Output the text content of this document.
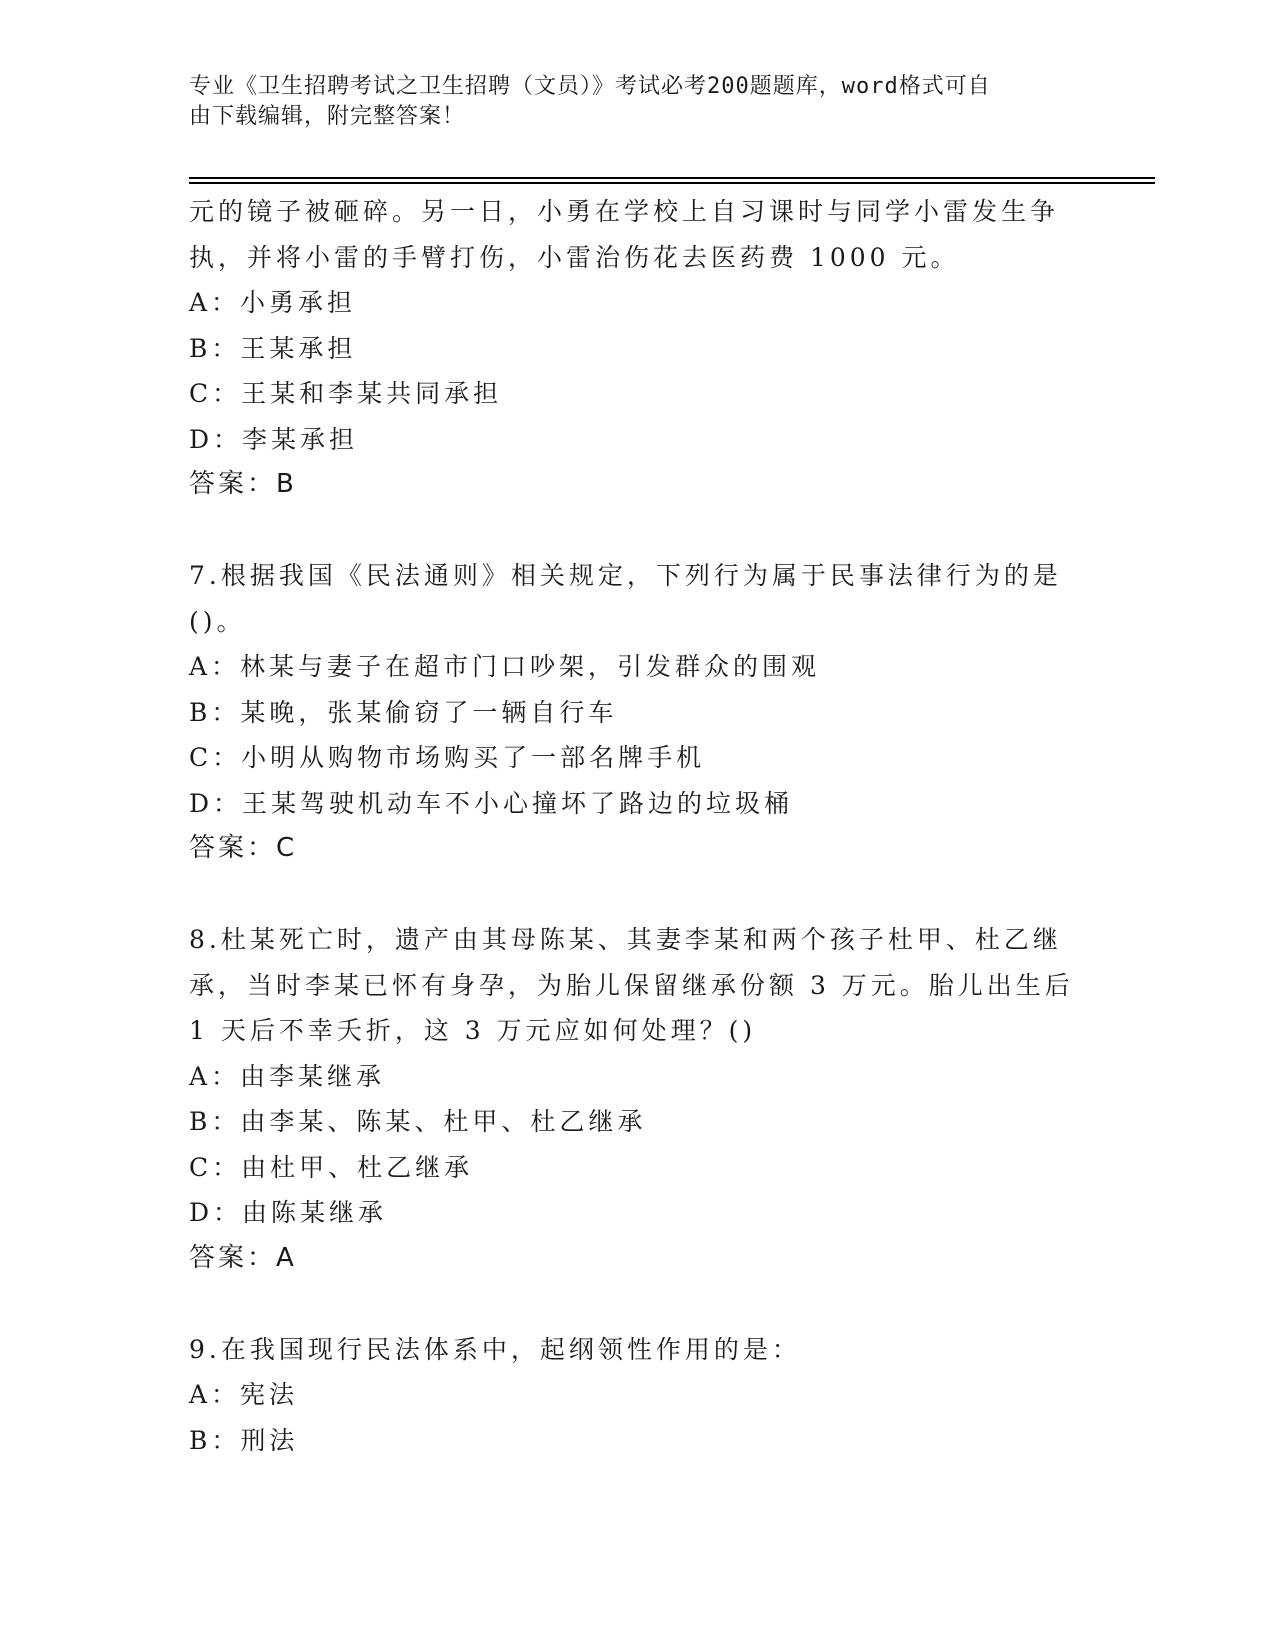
专业《卫生招聘考试之卫生招聘（文员）》考试必考200题题库，word格式可自
由下载编辑，附完整答案！
元的镜子被砸碎。另一日，小勇在学校上自习课时与同学小雷发生争
执，并将小雷的手臂打伤，小雷治伤花去医药费 1000 元。
A：小勇承担
B：王某承担
C：王某和李某共同承担
D：李某承担
答案：B
7.根据我国《民法通则》相关规定，下列行为属于民事法律行为的是
()。
A：林某与妻子在超市门口吵架，引发群众的围观
B：某晚，张某偷窃了一辆自行车
C：小明从购物市场购买了一部名牌手机
D：王某驾驶机动车不小心撞坏了路边的垃圾桶
答案：C
8.杜某死亡时，遗产由其母陈某、其妻李某和两个孩子杜甲、杜乙继
承，当时李某已怀有身孕，为胎儿保留继承份额 3 万元。胎儿出生后
1 天后不幸夭折，这 3 万元应如何处理？()
A：由李某继承
B：由李某、陈某、杜甲、杜乙继承
C：由杜甲、杜乙继承
D：由陈某继承
答案：A
9.在我国现行民法体系中，起纲领性作用的是：
A：宪法
B：刑法
